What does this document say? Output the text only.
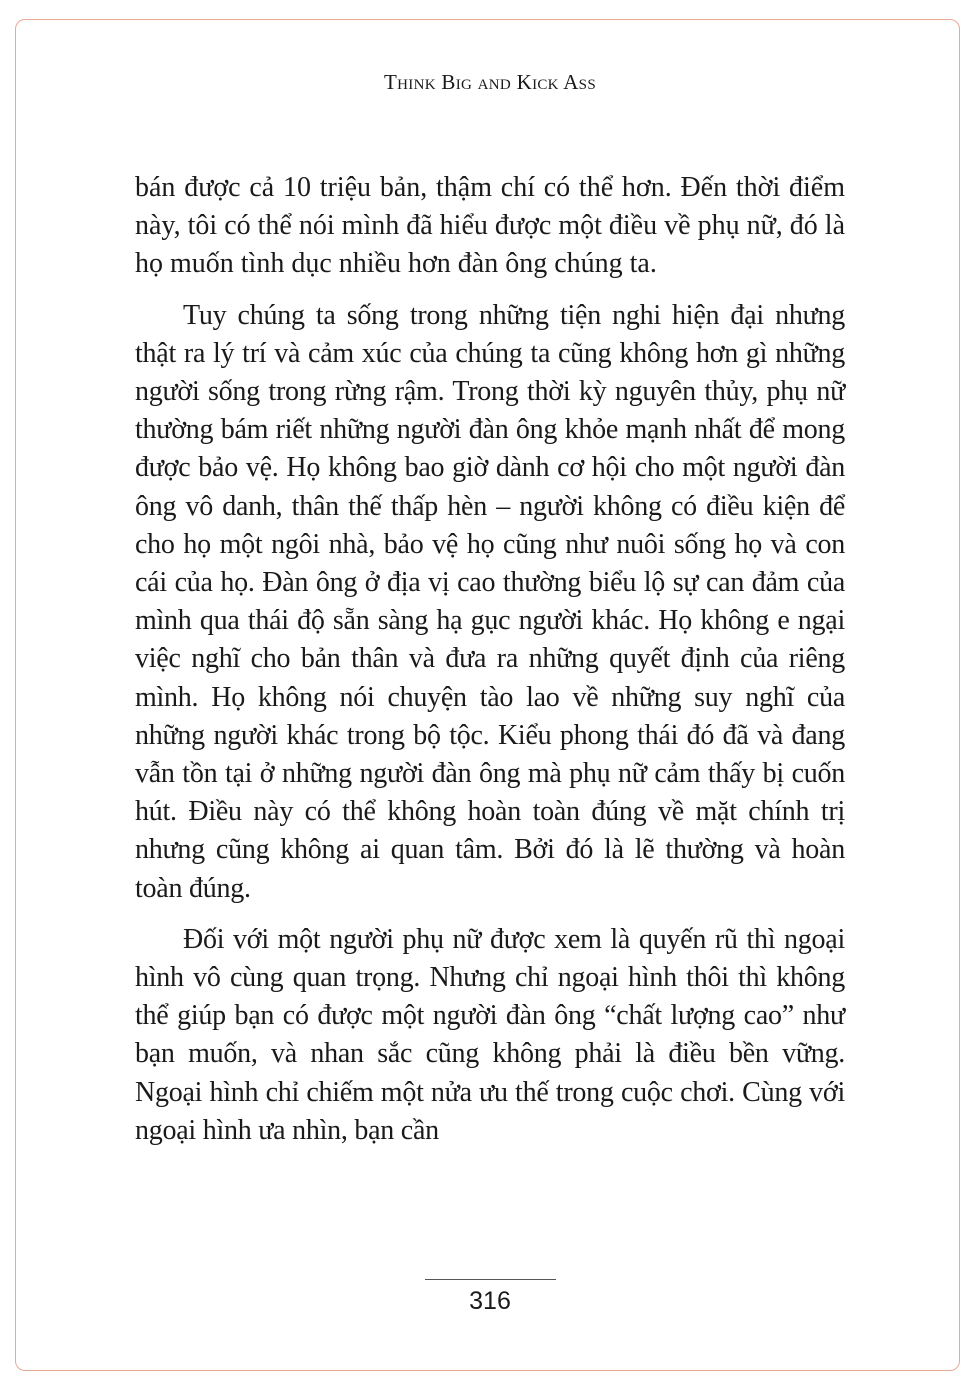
Think Big and Kick Ass

bán được cả 10 triệu bản, thậm chí có thể hơn. Đến thời điểm này, tôi có thể nói mình đã hiểu được một điều về phụ nữ, đó là họ muốn tình dục nhiều hơn đàn ông chúng ta.

Tuy chúng ta sống trong những tiện nghi hiện đại nhưng thật ra lý trí và cảm xúc của chúng ta cũng không hơn gì những người sống trong rừng rậm. Trong thời kỳ nguyên thủy, phụ nữ thường bám riết những người đàn ông khỏe mạnh nhất để mong được bảo vệ. Họ không bao giờ dành cơ hội cho một người đàn ông vô danh, thân thế thấp hèn – người không có điều kiện để cho họ một ngôi nhà, bảo vệ họ cũng như nuôi sống họ và con cái của họ. Đàn ông ở địa vị cao thường biểu lộ sự can đảm của mình qua thái độ sẵn sàng hạ gục người khác. Họ không e ngại việc nghĩ cho bản thân và đưa ra những quyết định của riêng mình. Họ không nói chuyện tào lao về những suy nghĩ của những người khác trong bộ tộc. Kiểu phong thái đó đã và đang vẫn tồn tại ở những người đàn ông mà phụ nữ cảm thấy bị cuốn hút. Điều này có thể không hoàn toàn đúng về mặt chính trị nhưng cũng không ai quan tâm. Bởi đó là lẽ thường và hoàn toàn đúng.

Đối với một người phụ nữ được xem là quyến rũ thì ngoại hình vô cùng quan trọng. Nhưng chỉ ngoại hình thôi thì không thể giúp bạn có được một người đàn ông “chất lượng cao” như bạn muốn, và nhan sắc cũng không phải là điều bền vững. Ngoại hình chỉ chiếm một nửa ưu thế trong cuộc chơi. Cùng với ngoại hình ưa nhìn, bạn cần

316
